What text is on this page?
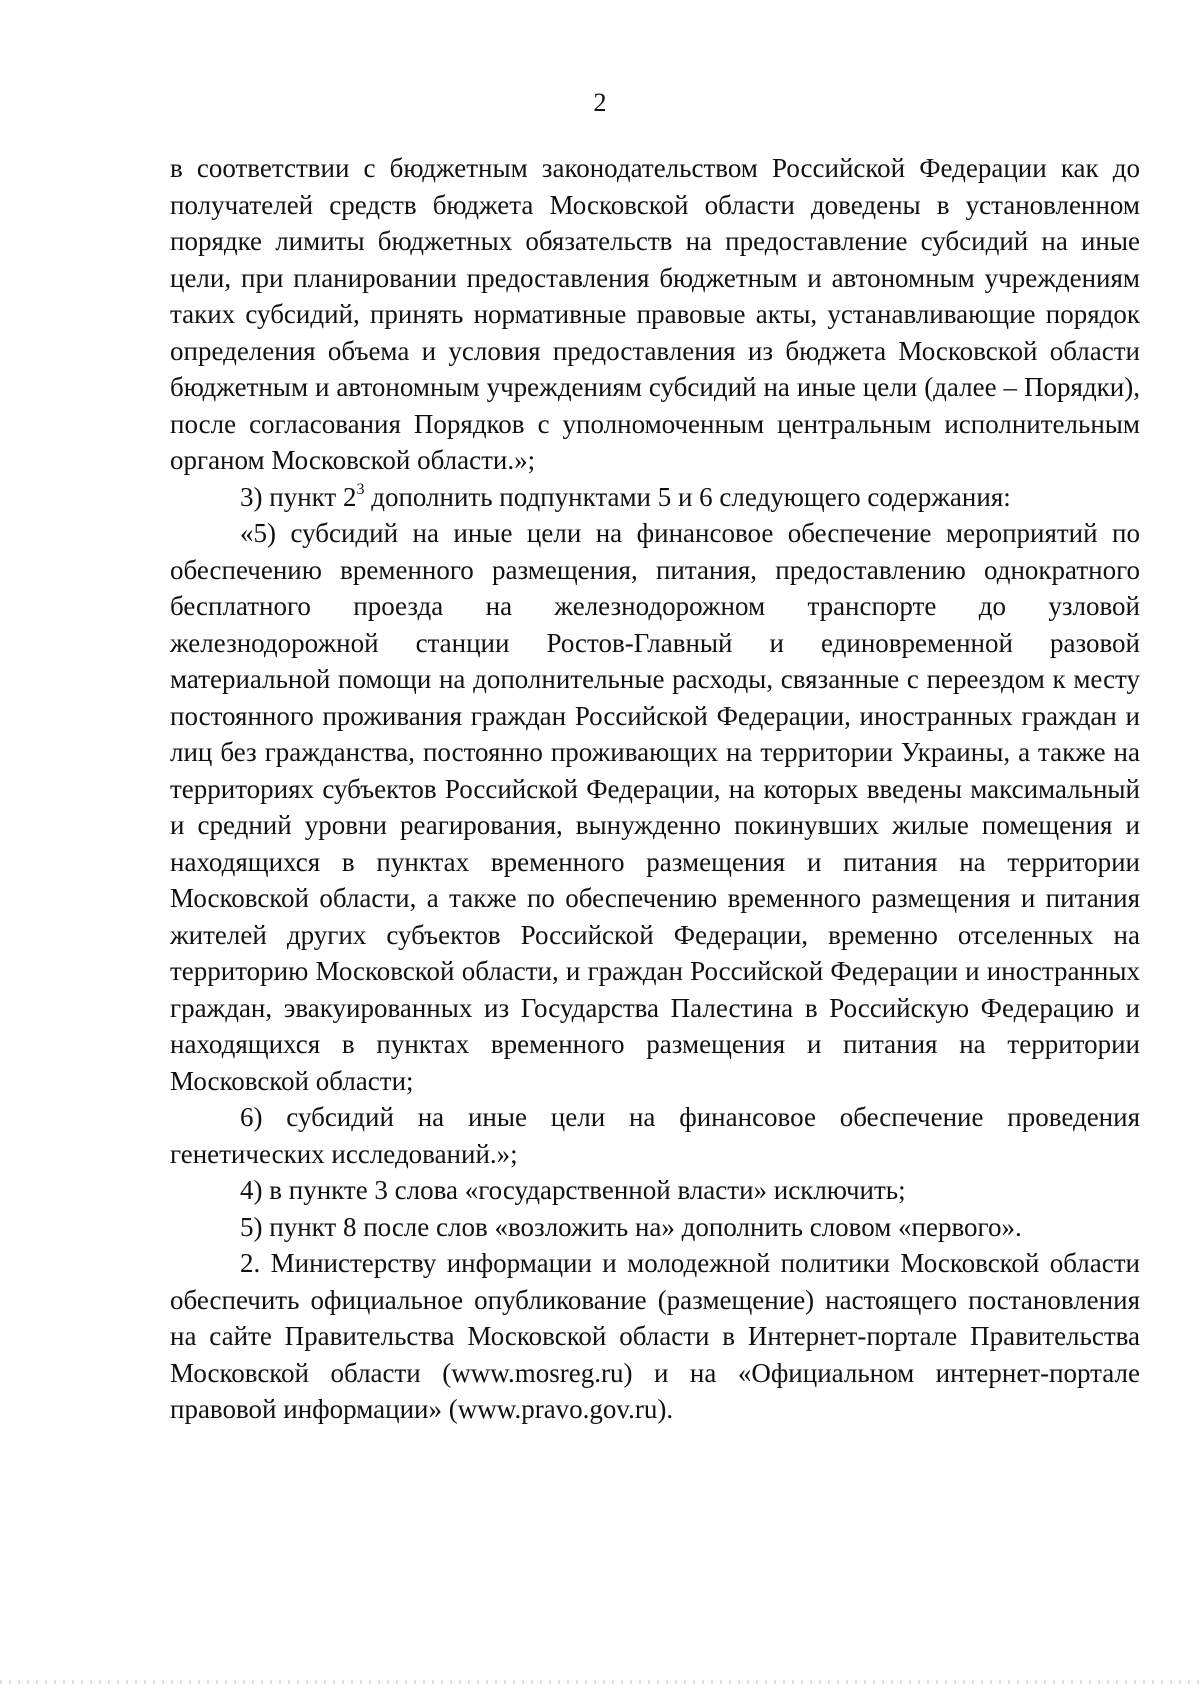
2

в соответствии с бюджетным законодательством Российской Федерации как до получателей средств бюджета Московской области доведены в установленном порядке лимиты бюджетных обязательств на предоставление субсидий на иные цели, при планировании предоставления бюджетным и автономным учреждениям таких субсидий, принять нормативные правовые акты, устанавливающие порядок определения объема и условия предоставления из бюджета Московской области бюджетным и автономным учреждениям субсидий на иные цели (далее – Порядки), после согласования Порядков с уполномоченным центральным исполнительным органом Московской области.»;

3) пункт $2^3$ дополнить подпунктами 5 и 6 следующего содержания:

«5) субсидий на иные цели на финансовое обеспечение мероприятий по обеспечению временного размещения, питания, предоставлению однократного бесплатного проезда на железнодорожном транспорте до узловой железнодорожной станции Ростов-Главный и единовременной разовой материальной помощи на дополнительные расходы, связанные с переездом к месту постоянного проживания граждан Российской Федерации, иностранных граждан и лиц без гражданства, постоянно проживающих на территории Украины, а также на территориях субъектов Российской Федерации, на которых введены максимальный и средний уровни реагирования, вынужденно покинувших жилые помещения и находящихся в пунктах временного размещения и питания на территории Московской области, а также по обеспечению временного размещения и питания жителей других субъектов Российской Федерации, временно отселенных на территорию Московской области, и граждан Российской Федерации и иностранных граждан, эвакуированных из Государства Палестина в Российскую Федерацию и находящихся в пунктах временного размещения и питания на территории Московской области;

6) субсидий на иные цели на финансовое обеспечение проведения генетических исследований.»;

4) в пункте 3 слова «государственной власти» исключить;

5) пункт 8 после слов «возложить на» дополнить словом «первого».

2. Министерству информации и молодежной политики Московской области обеспечить официальное опубликование (размещение) настоящего постановления на сайте Правительства Московской области в Интернет-портале Правительства Московской области (www.mosreg.ru) и на «Официальном интернет-портале правовой информации» (www.pravo.gov.ru).
